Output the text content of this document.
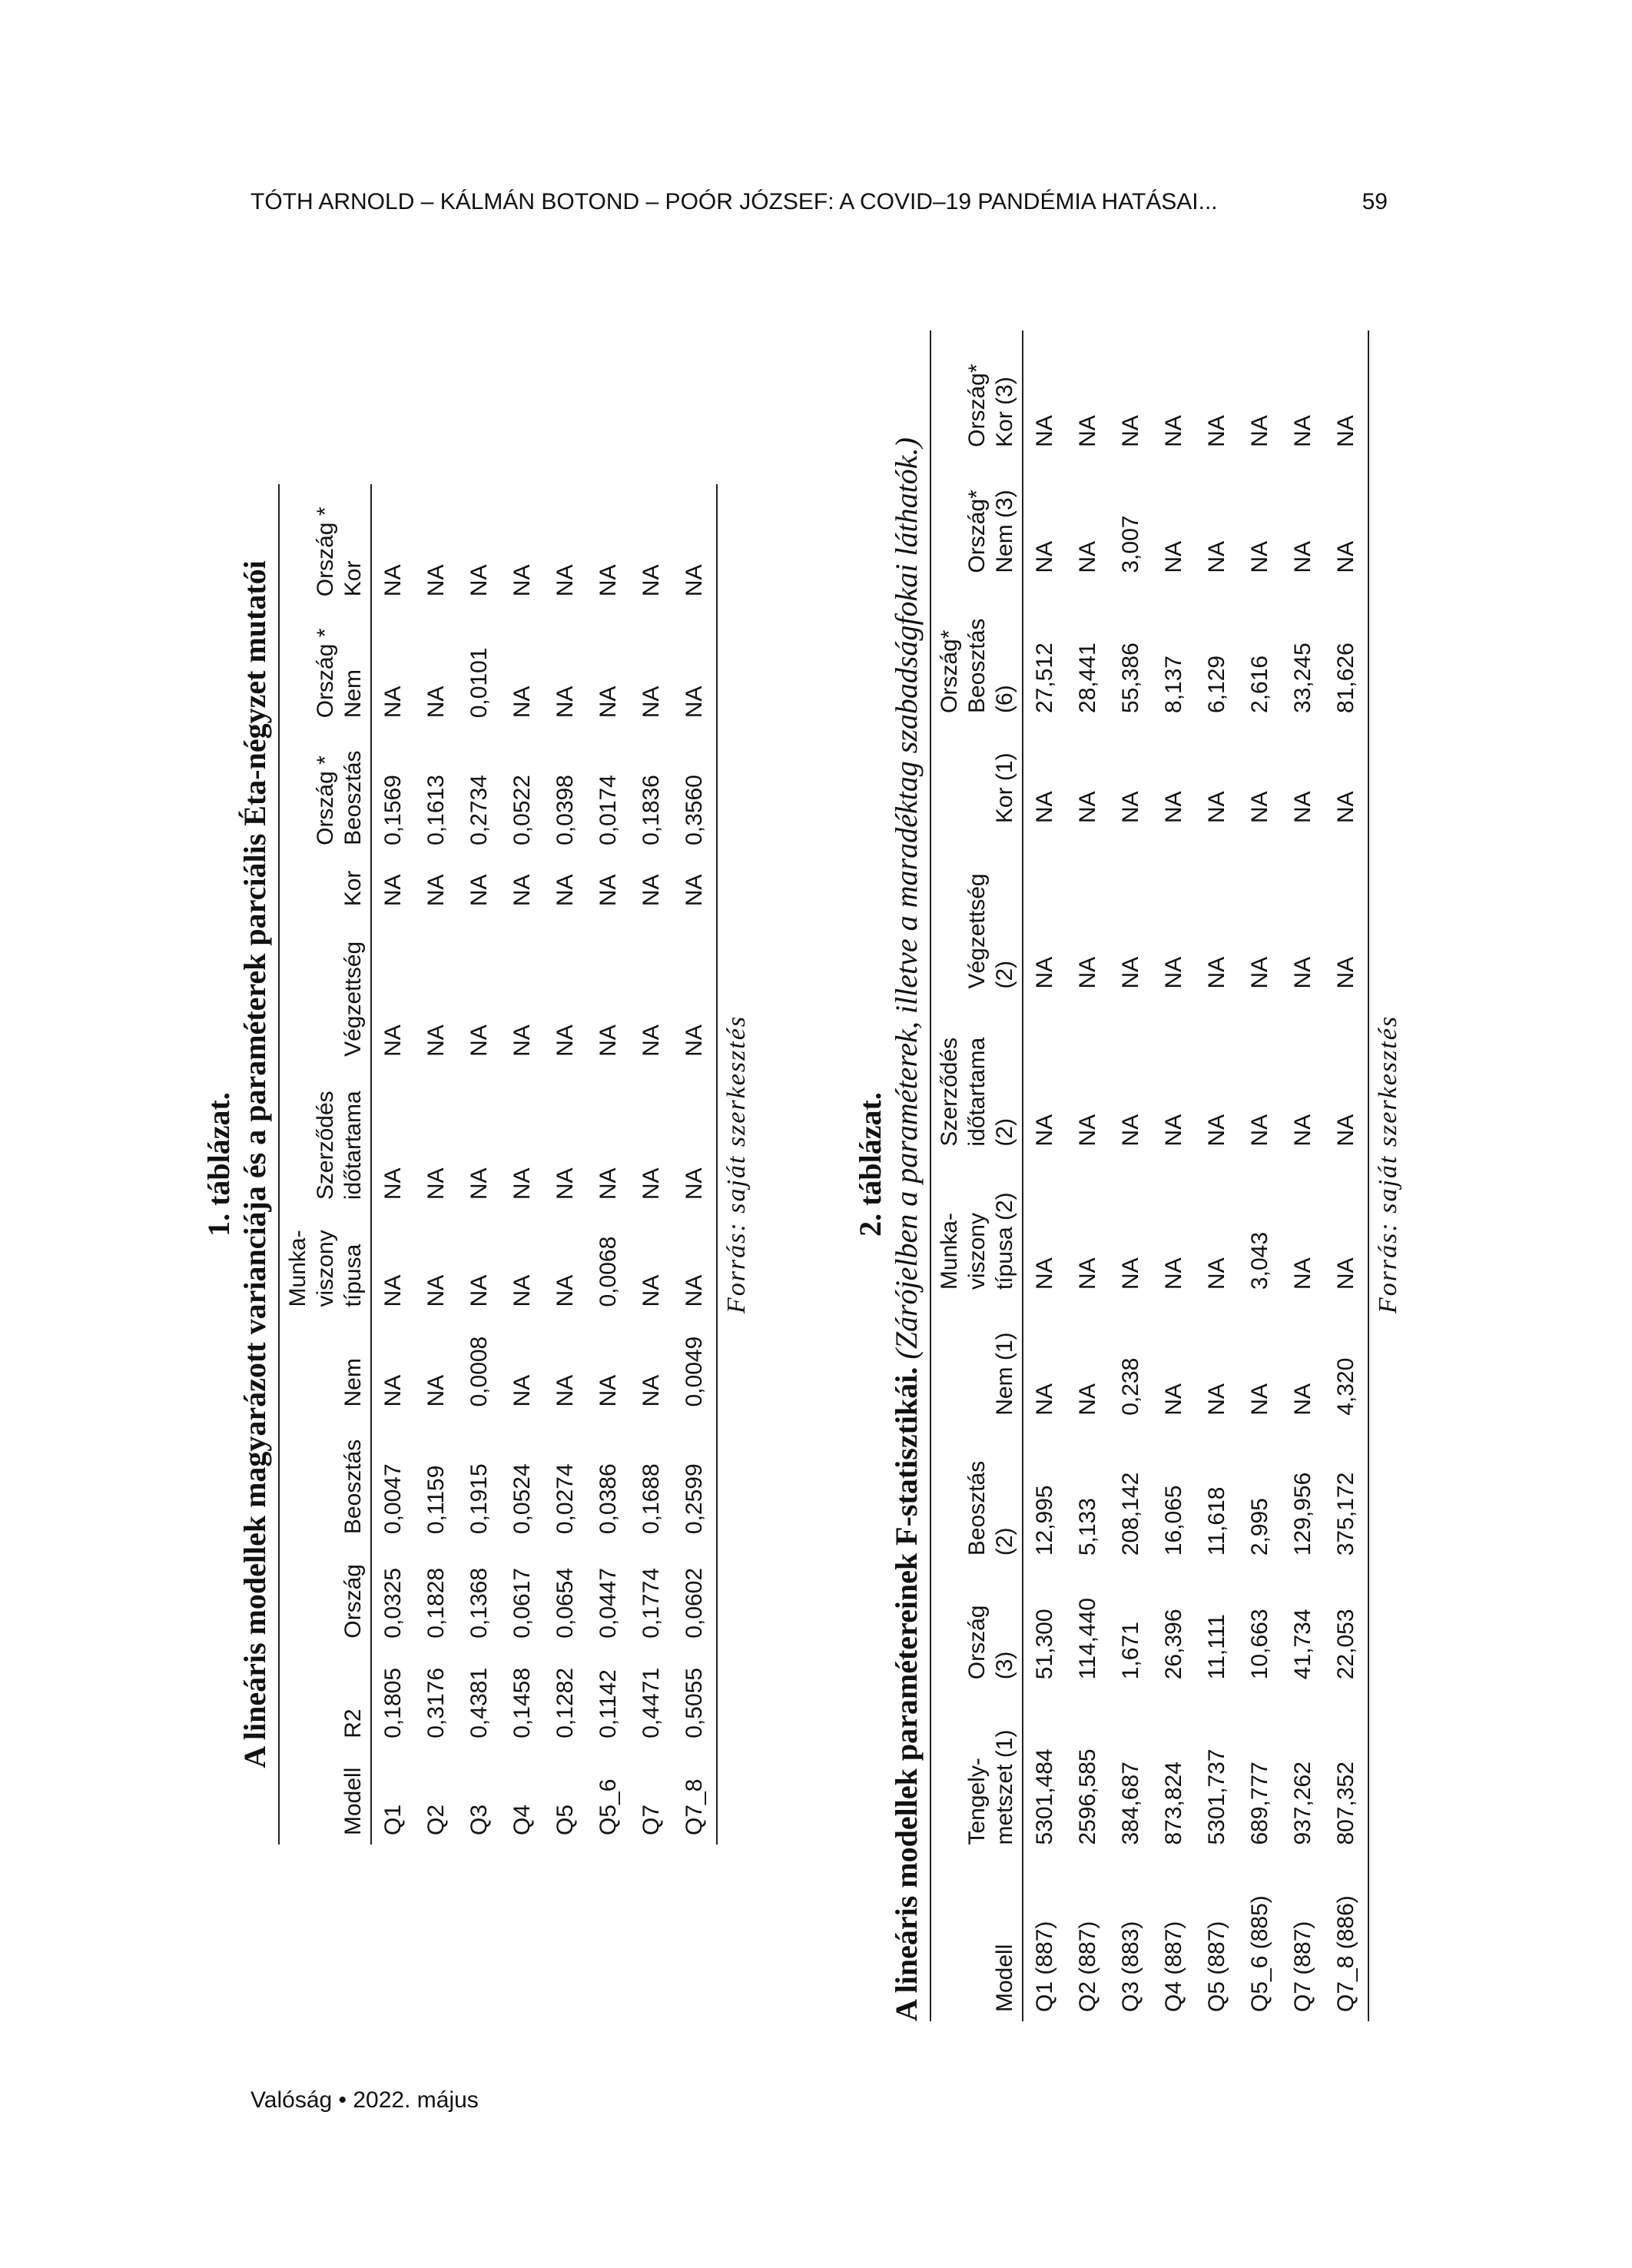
TÓTH ARNOLD – KÁLMÁN BOTOND – POÓR JÓZSEF: A COVID–19 PANDÉMIA HATÁSAI...	59
1. táblázat. A lineáris modellek magyarázott varianciája és a paraméterek parciális Éta-négyzet mutatói
Modell	R2	Ország	Beosztás	Nem	Munka- viszony típusa	Szerződés időtartama	Végzettség	Kor	Ország * Beosztás	Ország * Nem	Ország * Kor
Q1	0,1805	0,0325	0,0047	NA	NA	NA	NA	NA	0,1569	NA	NA
Q2	0,3176	0,1828	0,1159	NA	NA	NA	NA	NA	0,1613	NA	NA
Q3	0,4381	0,1368	0,1915	0,0008	NA	NA	NA	NA	0,2734	0,0101	NA
Q4	0,1458	0,0617	0,0524	NA	NA	NA	NA	NA	0,0522	NA	NA
Q5	0,1282	0,0654	0,0274	NA	NA	NA	NA	NA	0,0398	NA	NA
Q5_6	0,1142	0,0447	0,0386	NA	0,0068	NA	NA	NA	0,0174	NA	NA
Q7	0,4471	0,1774	0,1688	NA	NA	NA	NA	NA	0,1836	NA	NA
Q7_8	0,5055	0,0602	0,2599	0,0049	NA	NA	NA	NA	0,3560	NA	NA
Forrás: saját szerkesztés	2. táblázat.
A lineáris modellek paramétereinek F-statisztikái. (Zárójelben a paraméterek, illetve a maradéktag szabadságfokai láthatók.)
Modell	Tengely- metszet (1)	Ország (3)	Beosztás (2)	Nem (1)	Munka- viszony típusa (2)	Szerződés időtartama (2)	Végzettség (2)	Kor (1)	Ország* Beosztás (6)	Ország* Nem (3)	Ország* Kor (3)
Q1 (887)	5301,484	51,300	12,995	NA	NA	NA	NA	NA	27,512	NA	NA
Q2 (887)	2596,585	114,440	5,133	NA	NA	NA	NA	NA	28,441	NA	NA
Q3 (883)	384,687	1,671	208,142	0,238	NA	NA	NA	NA	55,386	3,007	NA
Q4 (887)	873,824	26,396	16,065	NA	NA	NA	NA	NA	8,137	NA	NA
Q5 (887)	5301,737	11,111	11,618	NA	NA	NA	NA	NA	6,129	NA	NA
Q5_6 (885)	689,777	10,663	2,995	NA	3,043	NA	NA	NA	2,616	NA	NA
Q7 (887)	937,262	41,734	129,956	NA	NA	NA	NA	NA	33,245	NA	NA
Q7_8 (886)	807,352	22,053	375,172	4,320	NA	NA	NA	NA	81,626	NA	NA
Forrás: saját szerkesztés
Valóság • 2022. május
